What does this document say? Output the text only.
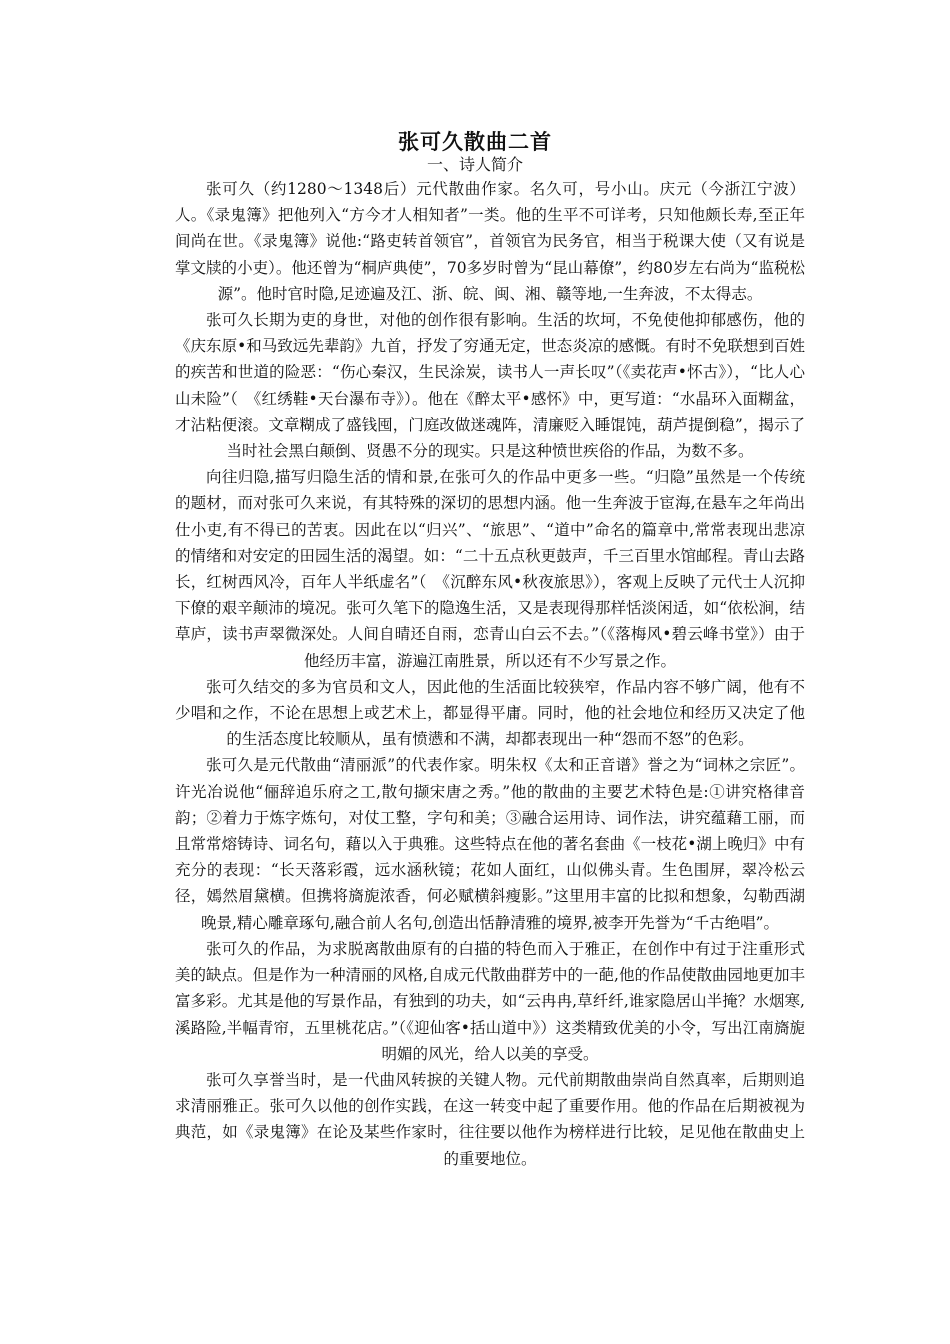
张可久散曲二首
一、诗人简介

张可久（约1280～1348后）元代散曲作家。名久可，号小山。庆元（今浙江宁波）人。《录鬼簿》把他列入“方今才人相知者”一类。他的生平不可详考，只知他颇长寿,至正年间尚在世。《录鬼簿》说他:“路吏转首领官”，首领官为民务官，相当于税课大使（又有说是掌文牍的小吏）。他还曾为“桐庐典使”，70多岁时曾为“昆山幕僚”，约80岁左右尚为“监税松源”。他时官时隐,足迹遍及江、浙、皖、闽、湘、赣等地,一生奔波，不太得志。

张可久长期为吏的身世，对他的创作很有影响。生活的坎坷，不免使他抑郁感伤，他的《庆东原•和马致远先辈韵》九首，抒发了穷通无定，世态炎凉的感慨。有时不免联想到百姓的疾苦和世道的险恶：“伤心秦汉，生民涂炭，读书人一声长叹”（《卖花声•怀古》），“比人心山未险”（　《红绣鞋•天台瀑布寺》）。他在《醉太平•感怀》中，更写道：“水晶环入面糊盆，才沾粘便滚。文章糊成了盛钱囤，门庭改做迷魂阵，清廉贬入睡馄饨，葫芦提倒稳”，揭示了当时社会黑白颠倒、贤愚不分的现实。只是这种愤世疾俗的作品，为数不多。

向往归隐,描写归隐生活的情和景,在张可久的作品中更多一些。“归隐”虽然是一个传统的题材，而对张可久来说，有其特殊的深切的思想内涵。他一生奔波于宦海,在悬车之年尚出仕小吏,有不得已的苦衷。因此在以“归兴”、“旅思”、“道中”命名的篇章中,常常表现出悲凉的情绪和对安定的田园生活的渴望。如：“二十五点秋更鼓声，千三百里水馆邮程。青山去路长，红树西风冷，百年人半纸虚名”（　《沉醉东风•秋夜旅思》），客观上反映了元代士人沉抑下僚的艰辛颠沛的境况。张可久笔下的隐逸生活，又是表现得那样恬淡闲适，如“依松涧，结草庐，读书声翠微深处。人间自晴还自雨，恋青山白云不去。”（《落梅风•碧云峰书堂》）由于他经历丰富，游遍江南胜景，所以还有不少写景之作。

张可久结交的多为官员和文人，因此他的生活面比较狭窄，作品内容不够广阔，他有不少唱和之作，不论在思想上或艺术上，都显得平庸。同时，他的社会地位和经历又决定了他的生活态度比较顺从，虽有愤懑和不满，却都表现出一种“怨而不怒”的色彩。

张可久是元代散曲“清丽派”的代表作家。明朱权《太和正音谱》誉之为“词林之宗匠”。许光冶说他“俪辞追乐府之工,散句撷宋唐之秀。”他的散曲的主要艺术特色是:①讲究格律音韵；②着力于炼字炼句，对仗工整，字句和美；③融合运用诗、词作法，讲究蕴藉工丽，而且常常熔铸诗、词名句，藉以入于典雅。这些特点在他的著名套曲《一枝花•湖上晚归》中有充分的表现：“长天落彩霞，远水涵秋镜；花如人面红，山似佛头青。生色围屏，翠冷松云径，嫣然眉黛横。但携将旖旎浓香，何必赋横斜瘦影。”这里用丰富的比拟和想象，勾勒西湖晚景,精心雕章琢句,融合前人名句,创造出恬静清雅的境界,被李开先誉为“千古绝唱”。

张可久的作品，为求脱离散曲原有的白描的特色而入于雅正，在创作中有过于注重形式美的缺点。但是作为一种清丽的风格,自成元代散曲群芳中的一葩,他的作品使散曲园地更加丰富多彩。尤其是他的写景作品，有独到的功夫，如“云冉冉,草纤纤,谁家隐居山半掩？水烟寒,溪路险,半幅青帘，五里桃花店。”（《迎仙客•括山道中》）这类精致优美的小令，写出江南旖旎明媚的风光，给人以美的享受。

张可久享誉当时，是一代曲风转捩的关键人物。元代前期散曲崇尚自然真率，后期则追求清丽雅正。张可久以他的创作实践，在这一转变中起了重要作用。他的作品在后期被视为典范，如《录鬼簿》在论及某些作家时，往往要以他作为榜样进行比较，足见他在散曲史上的重要地位。
